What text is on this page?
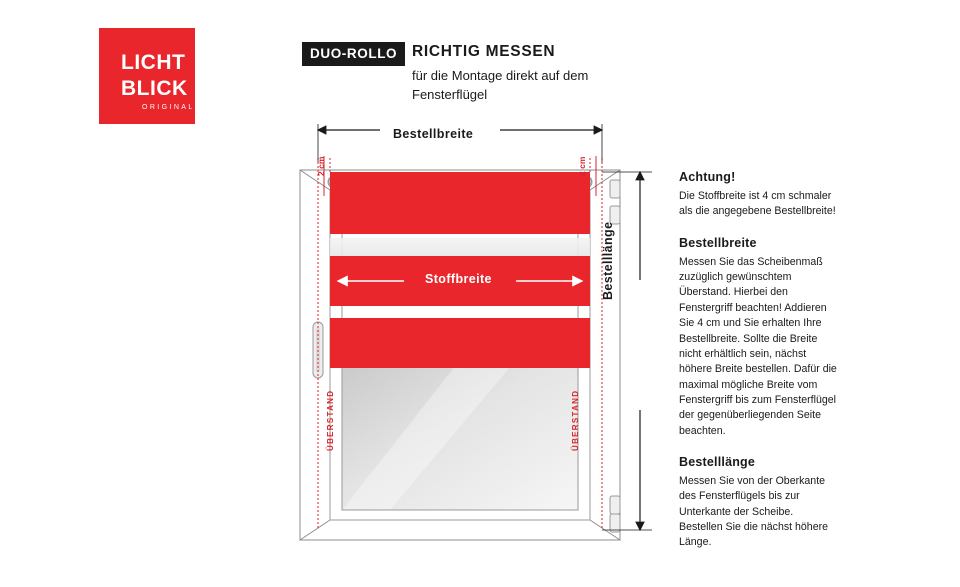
LICHT
BLICK
ORIGINAL
DUO-ROLLO RICHTIG MESSEN
für die Montage direkt auf dem Fensterflügel
Bestellbreite
Bestelllänge
Stoffbreite
2 cm	2 cm
ÜBERSTAND	ÜBERSTAND
Achtung!

Die Stoffbreite ist 4 cm schmaler als die angegebene Bestellbreite!

Bestellbreite

Messen Sie das Scheibenmaß zuzüglich gewünschtem Überstand. Hierbei den Fenstergriff beachten! Addieren Sie 4 cm und Sie erhalten Ihre Bestellbreite. Sollte die Breite nicht erhältlich sein, nächst höhere Breite bestellen. Dafür die maximal mögliche Breite vom Fenstergriff bis zum Fensterflügel der gegenüberliegenden Seite beachten.

Bestelllänge

Messen Sie von der Oberkante des Fensterflügels bis zur Unterkante der Scheibe. Bestellen Sie die nächst höhere Länge.
